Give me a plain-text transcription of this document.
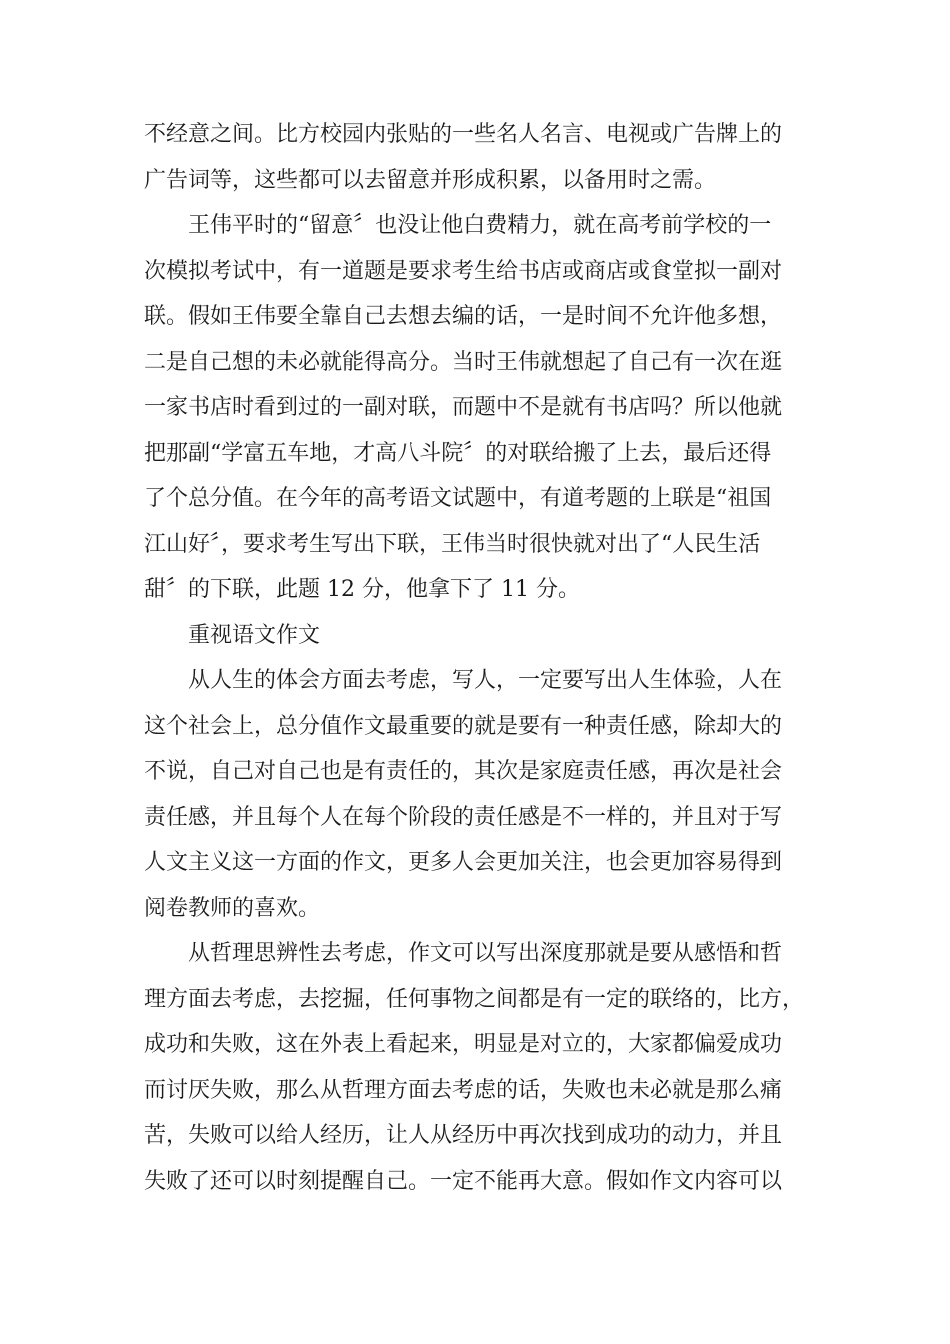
不经意之间。比方校园内张贴的一些名人名言、电视或广告牌上的
广告词等，这些都可以去留意并形成积累，以备用时之需。
王伟平时的“留意〞也没让他白费精力，就在高考前学校的一
次模拟考试中，有一道题是要求考生给书店或商店或食堂拟一副对
联。假如王伟要全靠自己去想去编的话，一是时间不允许他多想，
二是自己想的未必就能得高分。当时王伟就想起了自己有一次在逛
一家书店时看到过的一副对联，而题中不是就有书店吗？所以他就
把那副“学富五车地，才高八斗院〞的对联给搬了上去，最后还得
了个总分值。在今年的高考语文试题中，有道考题的上联是“祖国
江山好〞，要求考生写出下联，王伟当时很快就对出了“人民生活
甜〞的下联，此题 12 分，他拿下了 11 分。
重视语文作文
从人生的体会方面去考虑，写人，一定要写出人生体验，人在
这个社会上，总分值作文最重要的就是要有一种责任感，除却大的
不说，自己对自己也是有责任的，其次是家庭责任感，再次是社会
责任感，并且每个人在每个阶段的责任感是不一样的，并且对于写
人文主义这一方面的作文，更多人会更加关注，也会更加容易得到
阅卷教师的喜欢。
从哲理思辨性去考虑，作文可以写出深度那就是要从感悟和哲
理方面去考虑，去挖掘，任何事物之间都是有一定的联络的，比方，
成功和失败，这在外表上看起来，明显是对立的，大家都偏爱成功
而讨厌失败，那么从哲理方面去考虑的话，失败也未必就是那么痛
苦，失败可以给人经历，让人从经历中再次找到成功的动力，并且
失败了还可以时刻提醒自己。一定不能再大意。假如作文内容可以
